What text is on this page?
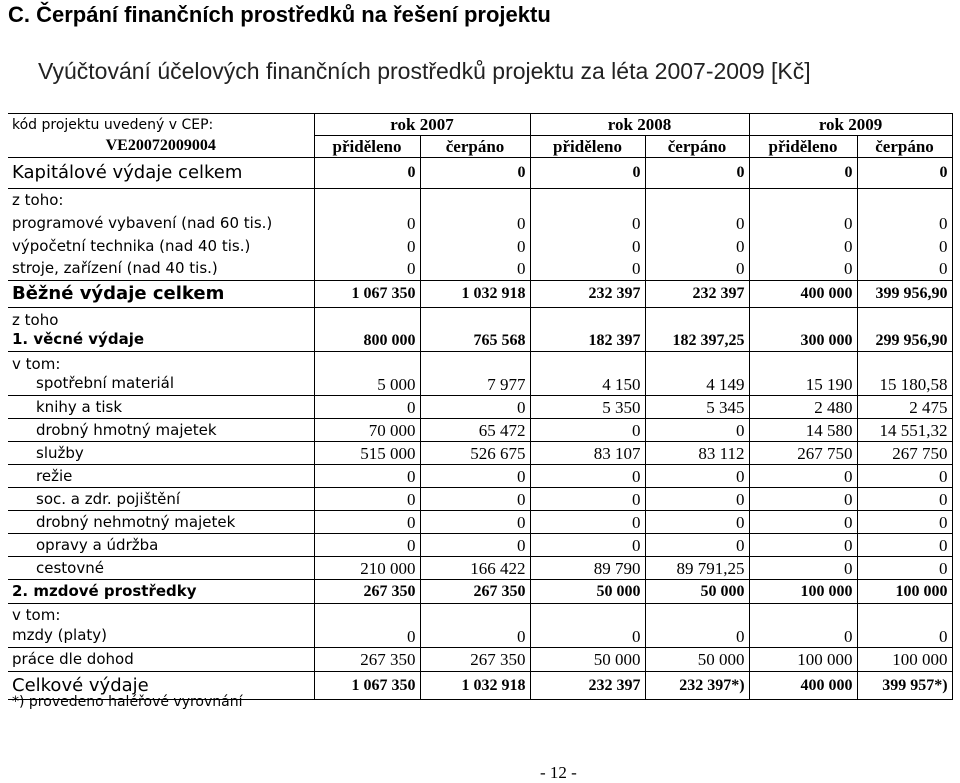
C. Čerpání finančních prostředků na řešení projektu
Vyúčtování účelových finančních prostředků projektu za léta 2007-2009 [Kč]
kód projektu uvedený v CEP:	rok 2007		rok 2008		rok 2009	
VE20072009004	přiděleno	čerpáno	přiděleno	čerpáno	přiděleno	čerpáno
Kapitálové výdaje celkem	0	0	0	0	0	0
z toho:						
programové vybavení (nad 60 tis.)	0	0	0	0	0	0
výpočetní technika (nad 40 tis.)	0	0	0	0	0	0
stroje, zařízení (nad 40 tis.)	0	0	0	0	0	0
Běžné výdaje celkem	1 067 350	1 032 918	232 397	232 397	400 000	399 956,90

z toho
1. věcné výdaje	800 000	765 568	182 397	182 397,25	300 000	299 956,90

v tom:
spotřební materiál	5 000	7 977	4 150	4 149	15 190	15 180,58
knihy a tisk	0	0	5 350	5 345	2 480	2 475
drobný hmotný majetek	70 000	65 472	0	0	14 580	14 551,32
služby	515 000	526 675	83 107	83 112	267 750	267 750
režie	0	0	0	0	0	0
soc. a zdr. pojištění	0	0	0	0	0	0
drobný nehmotný majetek	0	0	0	0	0	0
opravy a údržba	0	0	0	0	0	0
cestovné	210 000	166 422	89 790	89 791,25	0	0
2. mzdové prostředky	267 350	267 350	50 000	50 000	100 000	100 000

v tom:
mzdy (platy)	0	0	0	0	0	0
práce dle dohod	267 350	267 350	50 000	50 000	100 000	100 000
Celkové výdaje	1 067 350	1 032 918	232 397	232 397*)	400 000	399 957*)
*) provedeno haléřové vyrovnání
- 12 -
